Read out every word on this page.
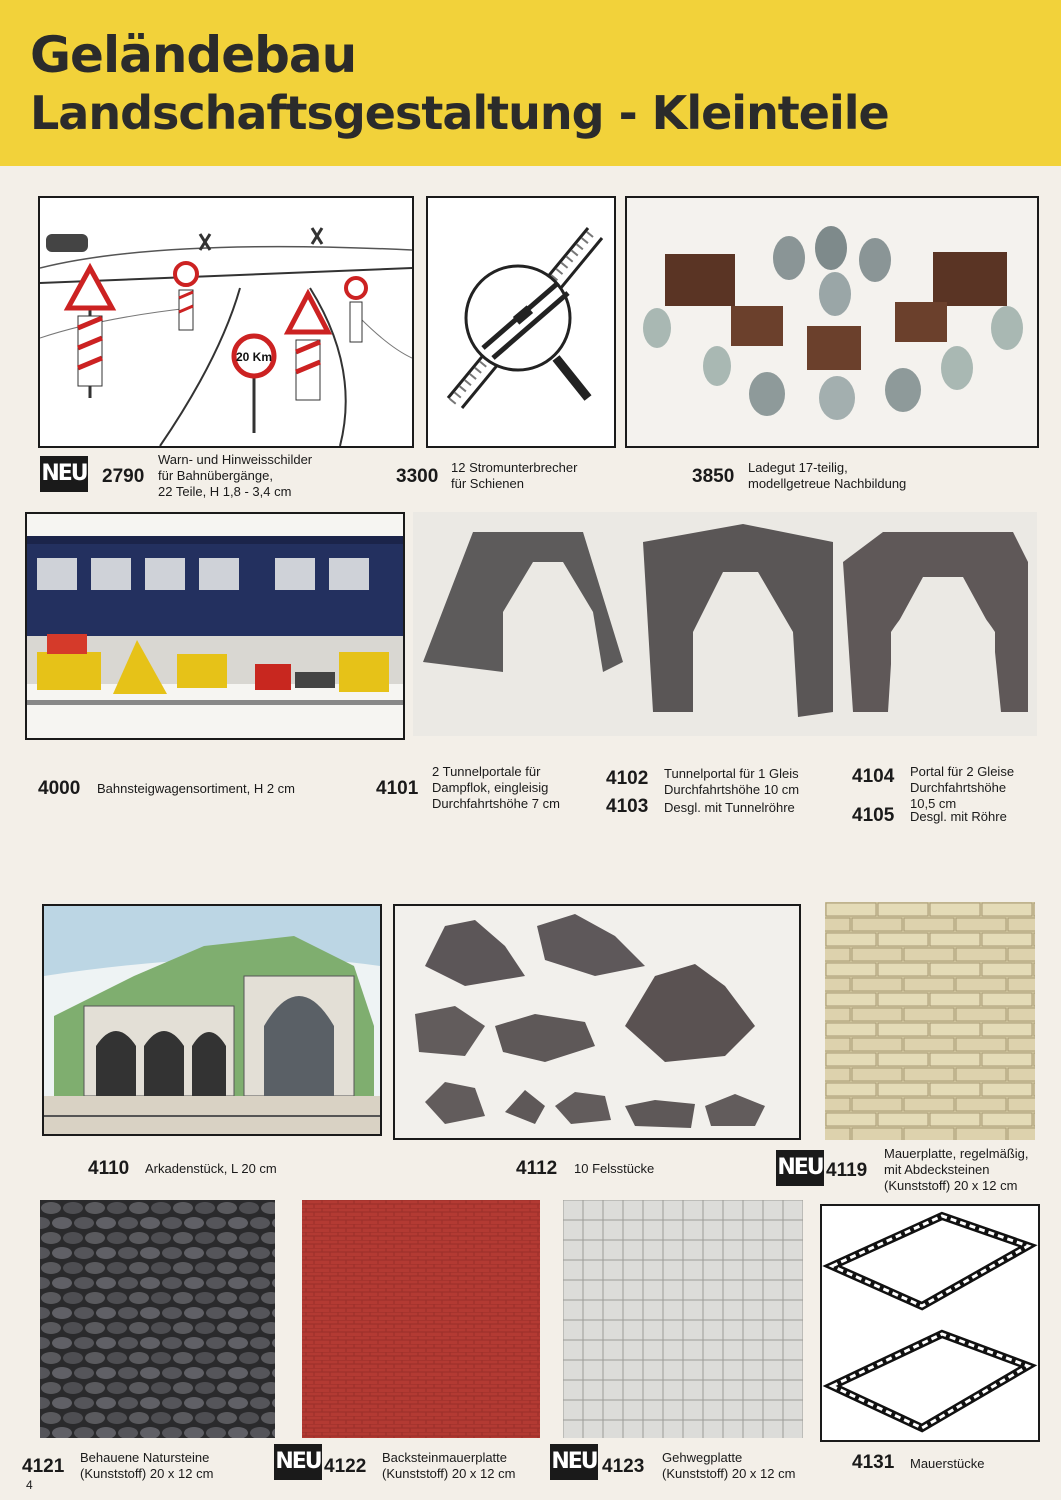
Geländebau
Landschaftsgestaltung - Kleinteile
20 Km
NEU 2790
Warn- und Hinweisschilder
für Bahnübergänge,
22 Teile, H 1,8 - 3,4 cm
3300 12 Stromunterbrecher
für Schienen	3850 Ladegut 17-teilig,
modellgetreue Nachbildung
4000 Bahnsteigwagensortiment, H 2 cm	4101
2 Tunnelportale für
Dampflok, eingleisig
Durchfahrtshöhe 7 cm
4102 Tunnelportal für 1 Gleis
Durchfahrtshöhe 10 cm
4103 Desgl. mit Tunnelröhre
4104 Portal für 2 Gleise
Durchfahrtshöhe
10,5 cm
4105 Desgl. mit Röhre
4110 Arkadenstück, L 20 cm	4112 10 Felsstücke	NEU 4119
Mauerplatte, regelmäßig,
mit Abdecksteinen
(Kunststoff) 20 x 12 cm
4121 Behauene Natursteine
(Kunststoff) 20 x 12 cm	NEU 4122 Backsteinmauerplatte
(Kunststoff) 20 x 12 cm NEU 4123 Gehwegplatte
(Kunststoff) 20 x 12 cm
4131 Mauerstücke
4
